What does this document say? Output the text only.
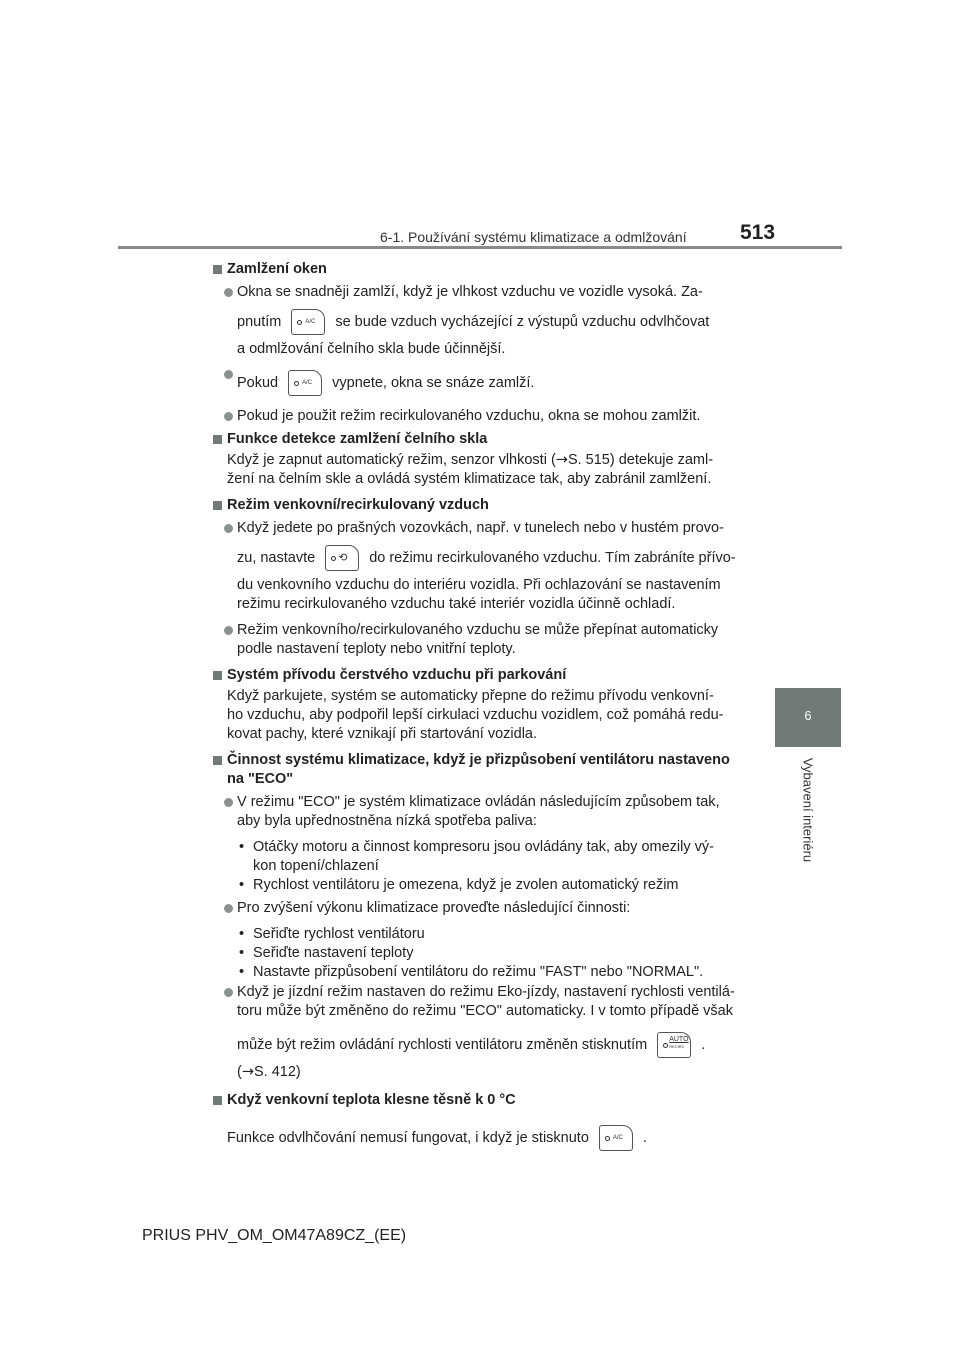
6-1. Používání systému klimatizace a odmlžování	513
6
Vybavení interiéru
Zamlžení oken
Okna se snadněji zamlží, když je vlhkost vzduchu ve vozidle vysoká. Za-
pnutím	A/C se bude vzduch vycházející z výstupů vzduchu odvlhčovat
a odmlžování čelního skla bude účinnější.
Pokud	A/C vypnete, okna se snáze zamlží.
Pokud je použit režim recirkulovaného vzduchu, okna se mohou zamlžit.
Funkce detekce zamlžení čelního skla
Když je zapnut automatický režim, senzor vlhkosti (→S. 515) detekuje zaml-
žení na čelním skle a ovládá systém klimatizace tak, aby zabránil zamlžení.
Režim venkovní/recirkulovaný vzduch
Když jedete po prašných vozovkách, např. v tunelech nebo v hustém provo-
zu, nastavte ⟲ do režimu recirkulovaného vzduchu. Tím zabráníte přívo-
du venkovního vzduchu do interiéru vozidla. Při ochlazování se nastavením
režimu recirkulovaného vzduchu také interiér vozidla účinně ochladí.
Režim venkovního/recirkulovaného vzduchu se může přepínat automaticky
podle nastavení teploty nebo vnitřní teploty.
Systém přívodu čerstvého vzduchu při parkování
Když parkujete, systém se automaticky přepne do režimu přívodu venkovní-
ho vzduchu, aby podpořil lepší cirkulaci vzduchu vozidlem, což pomáhá redu-
kovat pachy, které vznikají při startování vozidla.
Činnost systému klimatizace, když je přizpůsobení ventilátoru nastaveno
na "ECO"
V režimu "ECO" je systém klimatizace ovládán následujícím způsobem tak,
aby byla upřednostněna nízká spotřeba paliva:
• Otáčky motoru a činnost kompresoru jsou ovládány tak, aby omezily vý-
kon topení/chlazení
• Rychlost ventilátoru je omezena, když je zvolen automatický režim
Pro zvýšení výkonu klimatizace proveďte následující činnosti:
• Seřiďte rychlost ventilátoru
• Seřiďte nastavení teploty
• Nastavte přizpůsobení ventilátoru do režimu "FAST" nebo "NORMAL".
Když je jízdní režim nastaven do režimu Eko-jízdy, nastavení rychlosti ventilá-
toru může být změněno do režimu "ECO" automaticky. I v tomto případě však
může být režim ovládání rychlosti ventilátoru změněn stisknutím	AUTO
RECIRC .
(→S. 412)
Když venkovní teplota klesne těsně k 0 °C
Funkce odvlhčování nemusí fungovat, i když je stisknuto	A/C .
PRIUS PHV_OM_OM47A89CZ_(EE)
